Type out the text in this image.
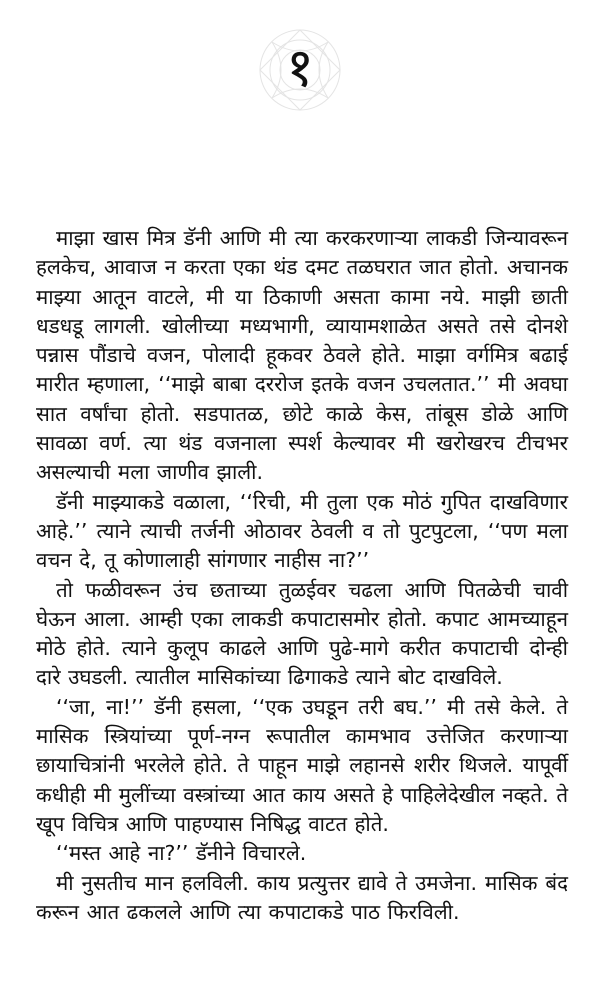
१

माझा खास मित्र डॅनी आणि मी त्या करकरणाऱ्या लाकडी जिन्यावरून हलकेच, आवाज न करता एका थंड दमट तळघरात जात होतो. अचानक माझ्या आतून वाटले, मी या ठिकाणी असता कामा नये. माझी छाती धडधडू लागली. खोलीच्या मध्यभागी, व्यायामशाळेत असते तसे दोनशे पन्नास पौंडाचे वजन, पोलादी हूकवर ठेवले होते. माझा वर्गमित्र बढाई मारीत म्हणाला, ‘‘माझे बाबा दररोज इतके वजन उचलतात.’’ मी अवघा सात वर्षांचा होतो. सडपातळ, छोटे काळे केस, तांबूस डोळे आणि सावळा वर्ण. त्या थंड वजनाला स्पर्श केल्यावर मी खरोखरच टीचभर असल्याची मला जाणीव झाली.

डॅनी माझ्याकडे वळाला, ‘‘रिची, मी तुला एक मोठं गुपित दाखविणार आहे.’’ त्याने त्याची तर्जनी ओठावर ठेवली व तो पुटपुटला, ‘‘पण मला वचन दे, तू कोणालाही सांगणार नाहीस ना?’’

तो फळीवरून उंच छताच्या तुळईवर चढला आणि पितळेची चावी घेऊन आला. आम्ही एका लाकडी कपाटासमोर होतो. कपाट आमच्याहून मोठे होते. त्याने कुलूप काढले आणि पुढे-मागे करीत कपाटाची दोन्ही दारे उघडली. त्यातील मासिकांच्या ढिगाकडे त्याने बोट दाखविले.

‘‘जा, ना!’’ डॅनी हसला, ‘‘एक उघडून तरी बघ.’’ मी तसे केले. ते मासिक स्त्रियांच्या पूर्ण-नग्न रूपातील कामभाव उत्तेजित करणाऱ्या छायाचित्रांनी भरलेले होते. ते पाहून माझे लहानसे शरीर थिजले. यापूर्वी कधीही मी मुलींच्या वस्त्रांच्या आत काय असते हे पाहिलेदेखील नव्हते. ते खूप विचित्र आणि पाहण्यास निषिद्ध वाटत होते.

‘‘मस्त आहे ना?’’ डॅनीने विचारले.

मी नुसतीच मान हलविली. काय प्रत्युत्तर द्यावे ते उमजेना. मासिक बंद करून आत ढकलले आणि त्या कपाटाकडे पाठ फिरविली.
